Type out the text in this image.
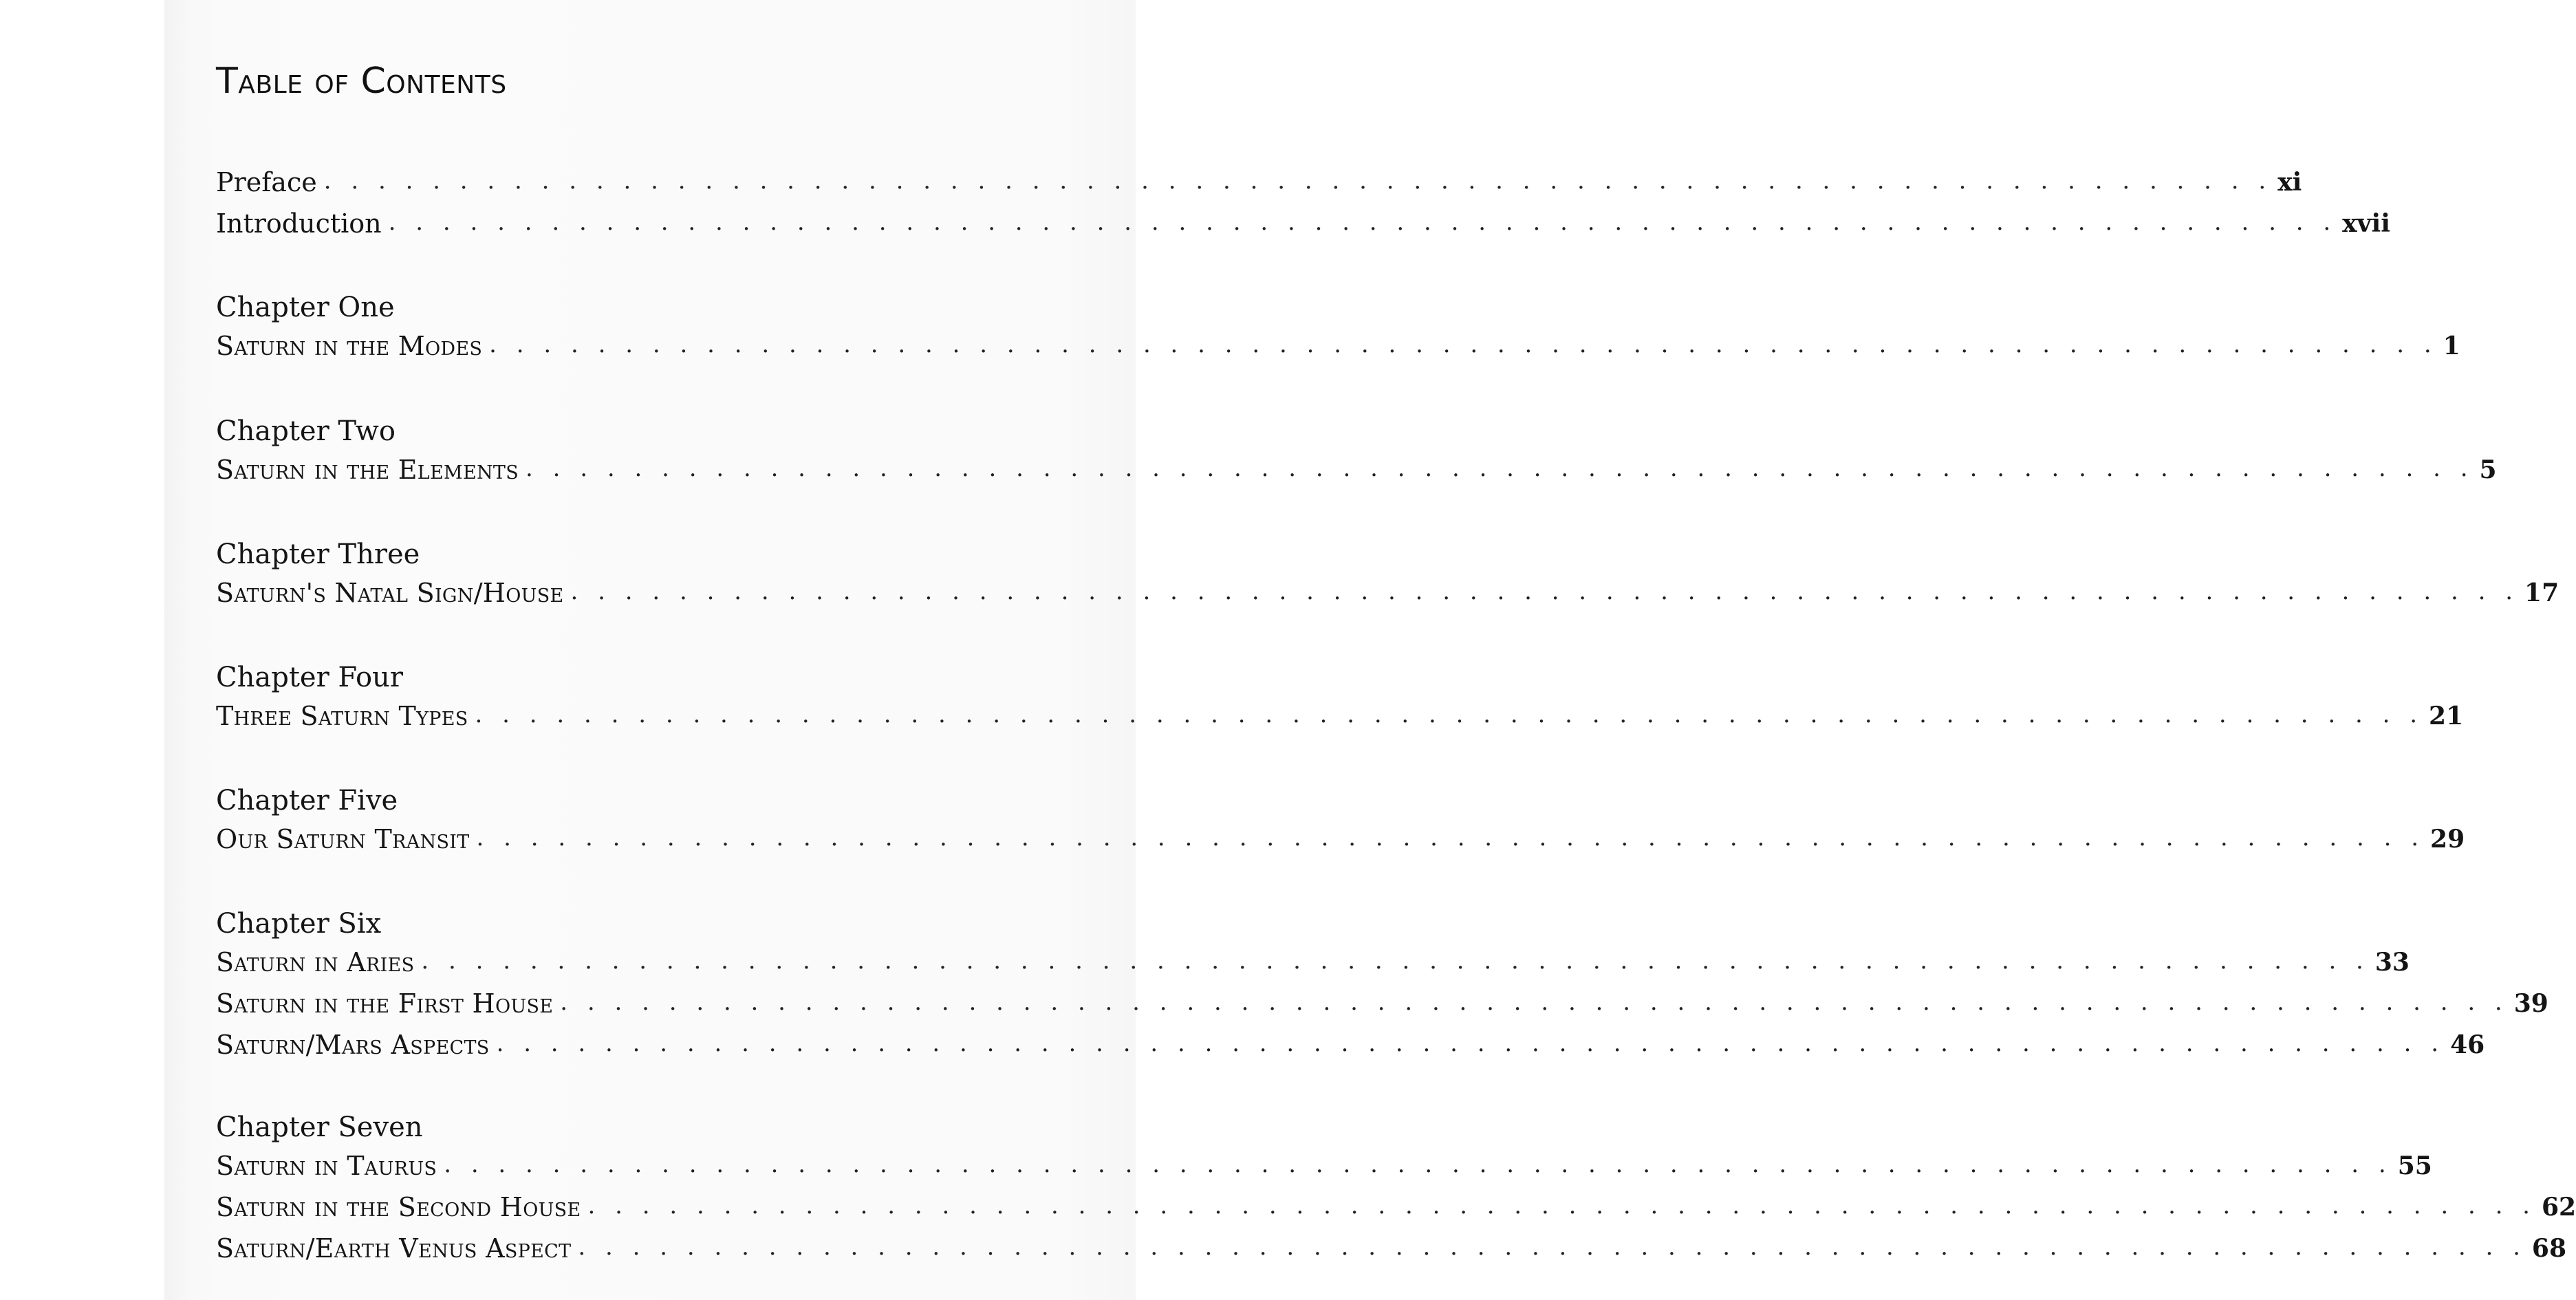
Table of Contents
Preface . . . . . . . . . . . . . . . . . . . . . . . . . . . . . . . . . . . . . . . . . . . . . . . . . . . . . . . . . . . . . . . . . . . . . . . . xi
Introduction . . . . . . . . . . . . . . . . . . . . . . . . . . . . . . . . . . . . . . . . . . . . . . . . . . . . . . . . . . . . . . . . . . . . . . . . xvii
Chapter One
Saturn in the Modes . . . . . . . . . . . . . . . . . . . . . . . . . . . . . . . . . . . . . . . . . . . . . . . . . . . . . . . . . . . . . . . . . . . . . . . . 1
Chapter Two
Saturn in the Elements . . . . . . . . . . . . . . . . . . . . . . . . . . . . . . . . . . . . . . . . . . . . . . . . . . . . . . . . . . . . . . . . . . . . . . . . 5
Chapter Three
Saturn's Natal Sign/House . . . . . . . . . . . . . . . . . . . . . . . . . . . . . . . . . . . . . . . . . . . . . . . . . . . . . . . . . . . . . . . . . . . . . . . . 17
Chapter Four
Three Saturn Types . . . . . . . . . . . . . . . . . . . . . . . . . . . . . . . . . . . . . . . . . . . . . . . . . . . . . . . . . . . . . . . . . . . . . . . . 21
Chapter Five
Our Saturn Transit . . . . . . . . . . . . . . . . . . . . . . . . . . . . . . . . . . . . . . . . . . . . . . . . . . . . . . . . . . . . . . . . . . . . . . . . 29
Chapter Six
Saturn in Aries . . . . . . . . . . . . . . . . . . . . . . . . . . . . . . . . . . . . . . . . . . . . . . . . . . . . . . . . . . . . . . . . . . . . . . . . 33
Saturn in the First House . . . . . . . . . . . . . . . . . . . . . . . . . . . . . . . . . . . . . . . . . . . . . . . . . . . . . . . . . . . . . . . . . . . . . . . . 39
Saturn/Mars Aspects . . . . . . . . . . . . . . . . . . . . . . . . . . . . . . . . . . . . . . . . . . . . . . . . . . . . . . . . . . . . . . . . . . . . . . . . 46
Chapter Seven
Saturn in Taurus . . . . . . . . . . . . . . . . . . . . . . . . . . . . . . . . . . . . . . . . . . . . . . . . . . . . . . . . . . . . . . . . . . . . . . . . 55
Saturn in the Second House . . . . . . . . . . . . . . . . . . . . . . . . . . . . . . . . . . . . . . . . . . . . . . . . . . . . . . . . . . . . . . . . . . . . . . . . 62
Saturn/Earth Venus Aspect . . . . . . . . . . . . . . . . . . . . . . . . . . . . . . . . . . . . . . . . . . . . . . . . . . . . . . . . . . . . . . . . . . . . . . . . 68
